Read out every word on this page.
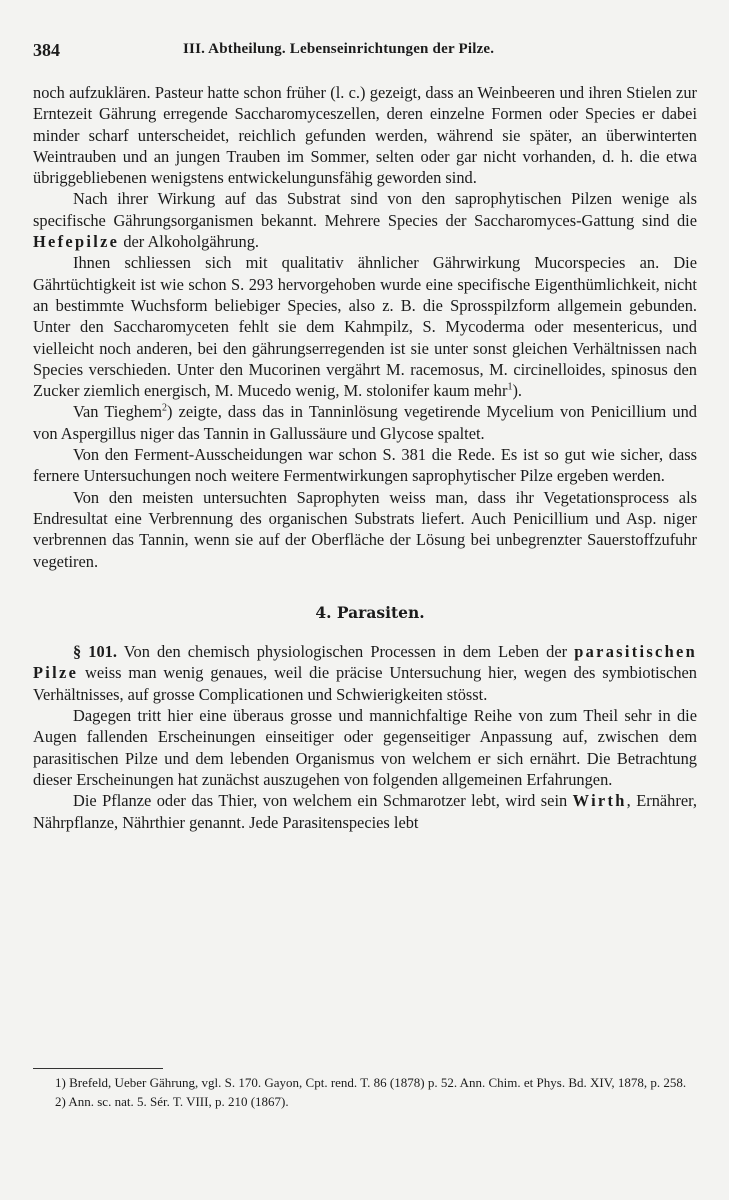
384	III. Abtheilung. Lebenseinrichtungen der Pilze.

noch aufzuklären. Pasteur hatte schon früher (l. c.) gezeigt, dass an Weinbeeren und ihren Stielen zur Erntezeit Gährung erregende Saccharomyceszellen, deren einzelne Formen oder Species er dabei minder scharf unterscheidet, reichlich gefunden werden, während sie später, an überwinterten Weintrauben und an jungen Trauben im Sommer, selten oder gar nicht vorhanden, d. h. die etwa übriggebliebenen wenigstens entwickelungunsfähig geworden sind.

Nach ihrer Wirkung auf das Substrat sind von den saprophytischen Pilzen wenige als specifische Gährungsorganismen bekannt. Mehrere Species der Saccharomyces-Gattung sind die Hefepilze der Alkoholgährung.

Ihnen schliessen sich mit qualitativ ähnlicher Gährwirkung Mucorspecies an. Die Gährtüchtigkeit ist wie schon S. 293 hervorgehoben wurde eine specifische Eigenthümlichkeit, nicht an bestimmte Wuchsform beliebiger Species, also z. B. die Sprosspilzform allgemein gebunden. Unter den Saccharomyceten fehlt sie dem Kahmpilz, S. Mycoderma oder mesentericus, und vielleicht noch anderen, bei den gährungserregenden ist sie unter sonst gleichen Verhältnissen nach Species verschieden. Unter den Mucorinen vergährt M. racemosus, M. circinelloides, spinosus den Zucker ziemlich energisch, M. Mucedo wenig, M. stolonifer kaum mehr$^1$).

Van Tieghem$^2$) zeigte, dass das in Tanninlösung vegetirende Mycelium von Penicillium und von Aspergillus niger das Tannin in Gallussäure und Glycose spaltet.

Von den Ferment-Ausscheidungen war schon S. 381 die Rede. Es ist so gut wie sicher, dass fernere Untersuchungen noch weitere Fermentwirkungen saprophytischer Pilze ergeben werden.

Von den meisten untersuchten Saprophyten weiss man, dass ihr Vegetationsprocess als Endresultat eine Verbrennung des organischen Substrats liefert. Auch Penicillium und Asp. niger verbrennen das Tannin, wenn sie auf der Oberfläche der Lösung bei unbegrenzter Sauerstoffzufuhr vegetiren.

4. Parasiten.

§ 101. Von den chemisch physiologischen Processen in dem Leben der parasitischen Pilze weiss man wenig genaues, weil die präcise Untersuchung hier, wegen des symbiotischen Verhältnisses, auf grosse Complicationen und Schwierigkeiten stösst.

Dagegen tritt hier eine überaus grosse und mannichfaltige Reihe von zum Theil sehr in die Augen fallenden Erscheinungen einseitiger oder gegenseitiger Anpassung auf, zwischen dem parasitischen Pilze und dem lebenden Organismus von welchem er sich ernährt. Die Betrachtung dieser Erscheinungen hat zunächst auszugehen von folgenden allgemeinen Erfahrungen.

Die Pflanze oder das Thier, von welchem ein Schmarotzer lebt, wird sein Wirth, Ernährer, Nährpflanze, Nährthier genannt. Jede Parasitenspecies lebt

1) Brefeld, Ueber Gährung, vgl. S. 170. Gayon, Cpt. rend. T. 86 (1878) p. 52. Ann. Chim. et Phys. Bd. XIV, 1878, p. 258.

2) Ann. sc. nat. 5. Sér. T. VIII, p. 210 (1867).
